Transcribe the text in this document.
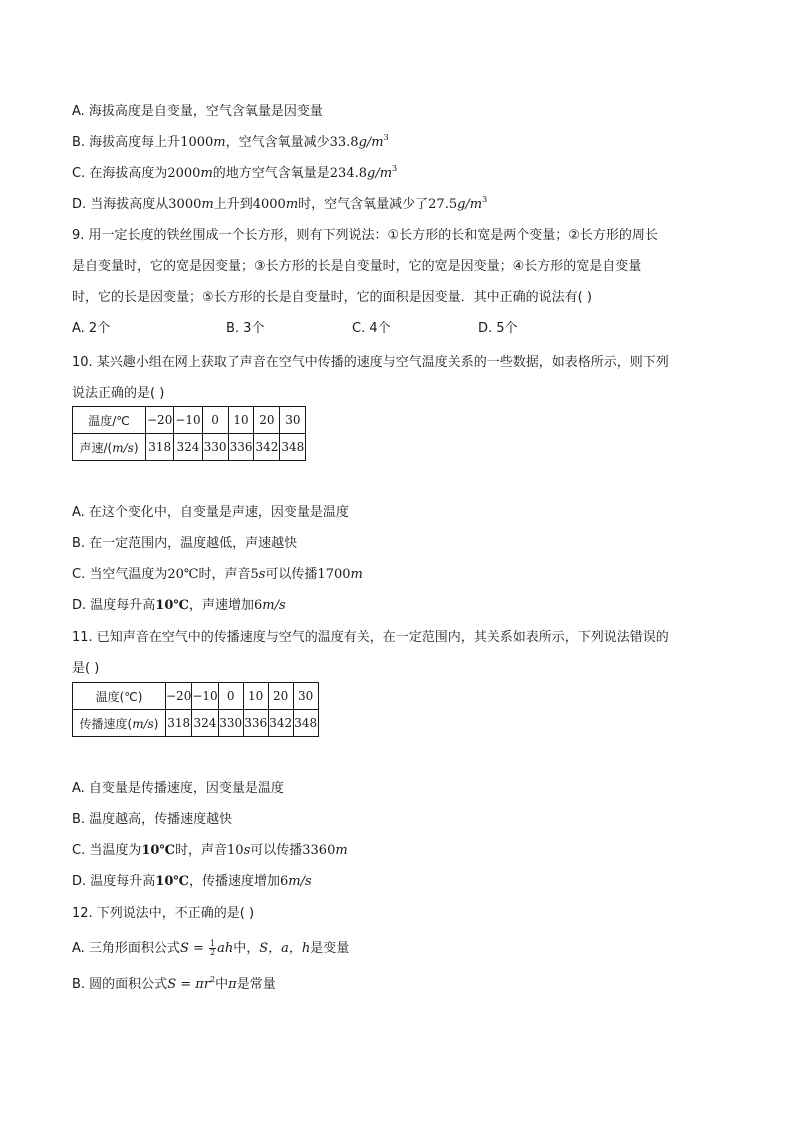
A. 海拔高度是自变量，空气含氧量是因变量
B. 海拔高度每上升1000m，空气含氧量减少$33.8g/m^3$
C. 在海拔高度为2000m的地方空气含氧量是$234.8g/m^3$
D. 当海拔高度从3000m上升到4000m时，空气含氧量减少了$27.5g/m^3$
9. 用一定长度的铁丝围成一个长方形，则有下列说法：①长方形的长和宽是两个变量；②长方形的周长
是自变量时，它的宽是因变量；③长方形的长是自变量时，它的宽是因变量；④长方形的宽是自变量
时，它的长是因变量；⑤长方形的长是自变量时，它的面积是因变量．其中正确的说法有( )
A. 2个	B. 3个	C. 4个	D. 5个
10. 某兴趣小组在网上获取了声音在空气中传播的速度与空气温度关系的一些数据，如表格所示，则下列
说法正确的是( )
温度/℃	−20	−10	0	10	20	30
声速/(m/s)	318	324	330	336	342	348
A. 在这个变化中，自变量是声速，因变量是温度
B. 在一定范围内，温度越低，声速越快
C. 当空气温度为20℃时，声音5s可以传播1700m
D. 温度每升高10℃，声速增加6m/s
11. 已知声音在空气中的传播速度与空气的温度有关，在一定范围内，其关系如表所示，下列说法错误的
是( )
温度(℃)	−20	−10	0	10	20	30
传播速度(m/s)	318	324	330	336	342	348
A. 自变量是传播速度，因变量是温度
B. 温度越高，传播速度越快
C. 当温度为10℃时，声音10s可以传播3360m
D. 温度每升高10℃，传播速度增加6m/s
12. 下列说法中，不正确的是( )
A. 三角形面积公式$S = \frac{1}{2}$ ah中，S，a，h是变量
B. 圆的面积公式$S = \pi r^2$中π是常量
